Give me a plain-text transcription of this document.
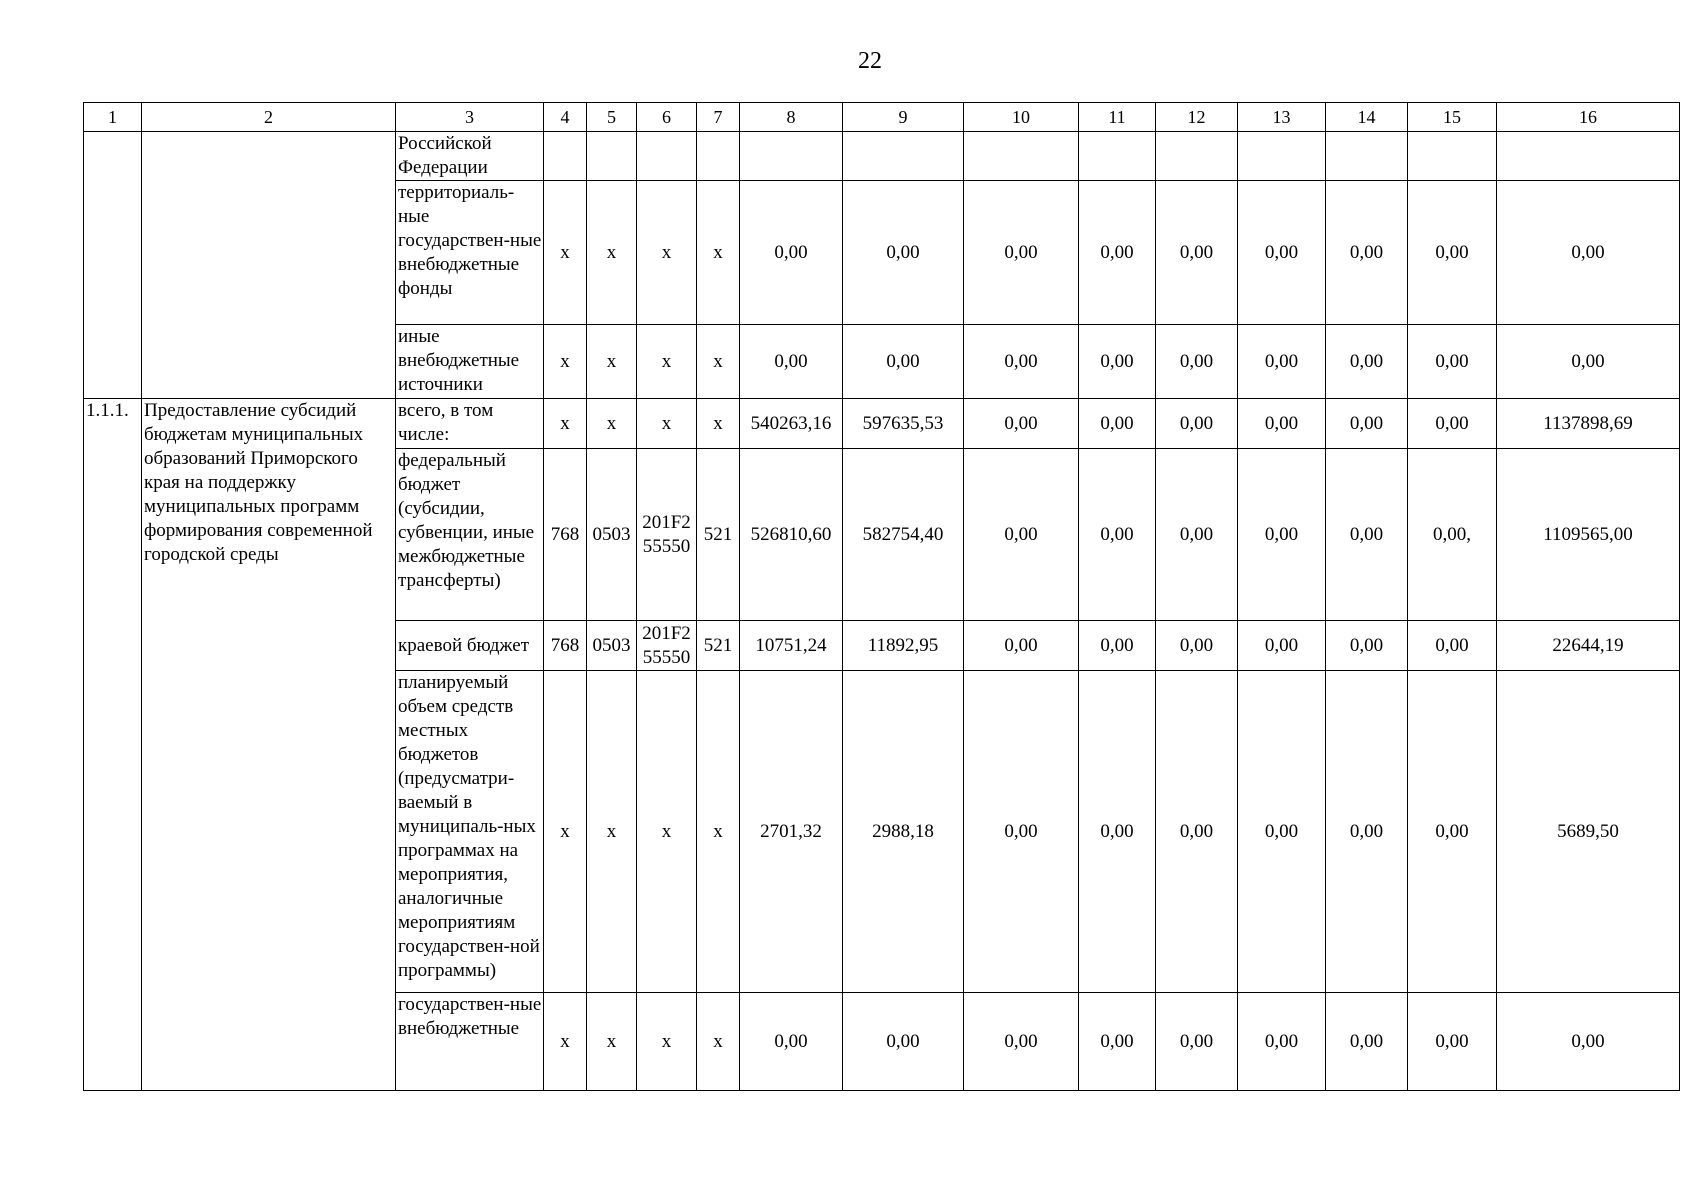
22
1	2	3	4	5	6	7	8	9	10	11	12	13	14	15	16
		Российской Федерации													
		территориаль-ные государствен-ные внебюджетные фонды	х	х	х	х	0,00	0,00	0,00	0,00	0,00	0,00	0,00	0,00	0,00
		иные внебюджетные источники	х	х	х	х	0,00	0,00	0,00	0,00	0,00	0,00	0,00	0,00	0,00
1.1.1.	Предоставление субсидий бюджетам муниципальных образований Приморского края на поддержку муниципальных программ формирования современной городской среды	всего, в том числе:	х	х	х	х	540263,16	597635,53	0,00	0,00	0,00	0,00	0,00	0,00	1137898,69
		федеральный бюджет (субсидии, субвенции, иные межбюджетные трансферты)	768	0503	201F2
55550	521	526810,60	582754,40	0,00	0,00	0,00	0,00	0,00	0,00,	1109565,00
		краевой бюджет	768	0503	201F2
55550	521	10751,24	11892,95	0,00	0,00	0,00	0,00	0,00	0,00	22644,19
		планируемый объем средств местных бюджетов (предусматри-ваемый в муниципаль-ных программах на мероприятия, аналогичные мероприятиям государствен-ной программы)	х	х	х	х	2701,32	2988,18	0,00	0,00	0,00	0,00	0,00	0,00	5689,50
		государствен-ные внебюджетные	х	х	х	х	0,00	0,00	0,00	0,00	0,00	0,00	0,00	0,00	0,00
